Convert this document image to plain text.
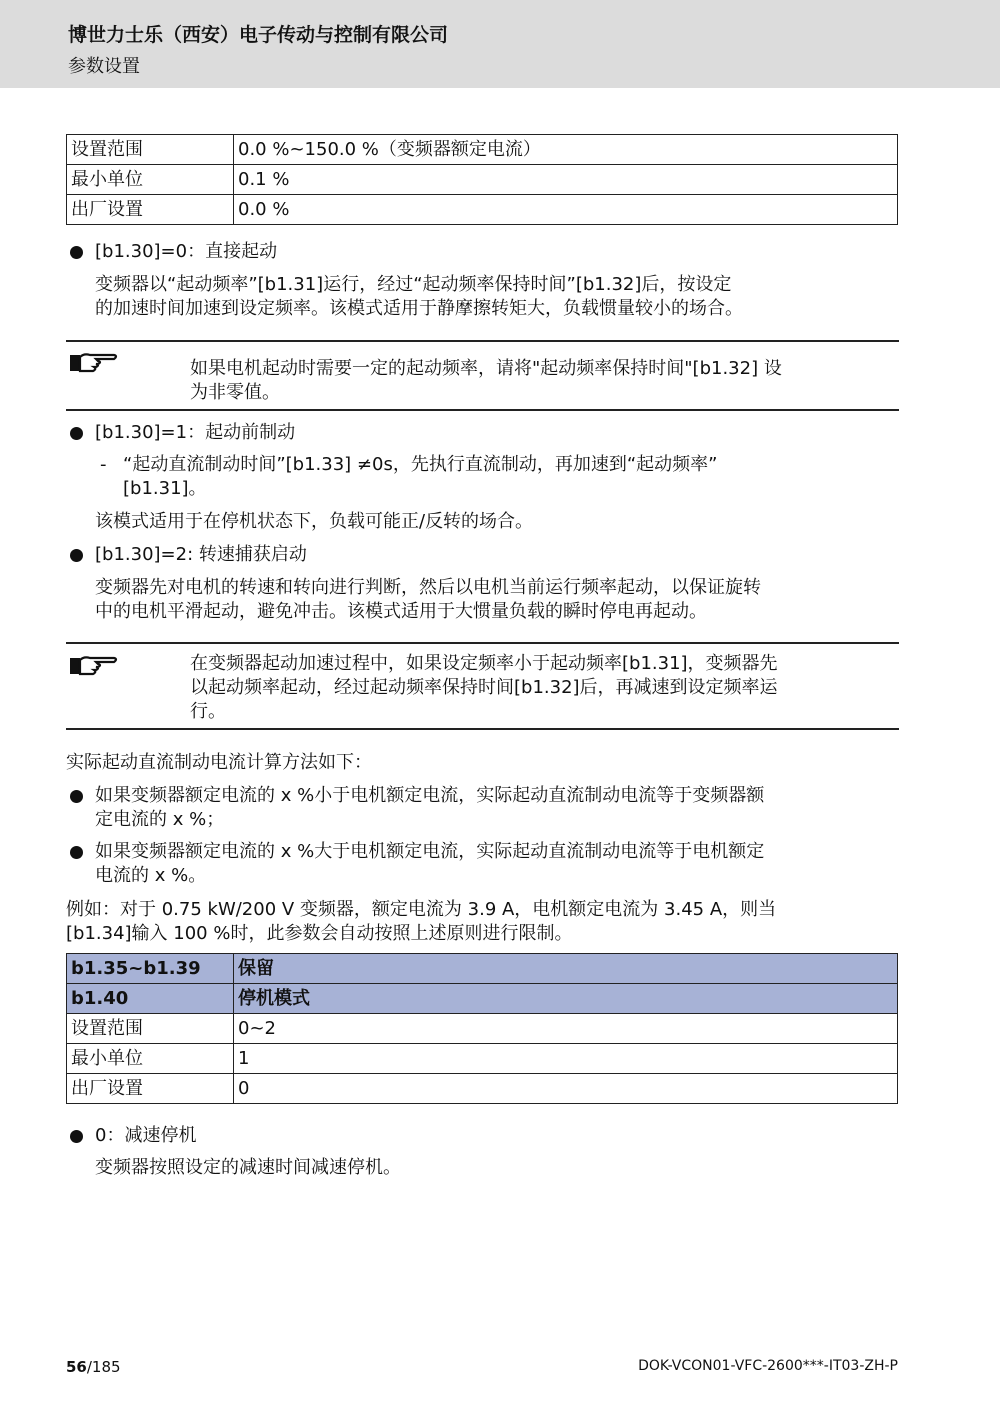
博世力士乐（西安）电子传动与控制有限公司
参数设置
设置范围	0.0 %~150.0 %（变频器额定电流）
最小单位	0.1 %
出厂设置	0.0 %
[b1.30]=0：直接起动
变频器以“起动频率”[b1.31]运行，经过“起动频率保持时间”[b1.32]后，按设定
的加速时间加速到设定频率。该模式适用于静摩擦转矩大，负载惯量较小的场合。
如果电机起动时需要一定的起动频率，请将"起动频率保持时间"[b1.32] 设
为非零值。
[b1.30]=1：起动前制动
- “起动直流制动时间”[b1.33] ≠0s，先执行直流制动，再加速到“起动频率”
[b1.31]。
该模式适用于在停机状态下，负载可能正/反转的场合。
[b1.30]=2: 转速捕获启动
变频器先对电机的转速和转向进行判断，然后以电机当前运行频率起动，以保证旋转
中的电机平滑起动，避免冲击。该模式适用于大惯量负载的瞬时停电再起动。
在变频器起动加速过程中，如果设定频率小于起动频率[b1.31]，变频器先
以起动频率起动，经过起动频率保持时间[b1.32]后，再减速到设定频率运
行。
实际起动直流制动电流计算方法如下：
如果变频器额定电流的 x %小于电机额定电流，实际起动直流制动电流等于变频器额
定电流的 x %；
如果变频器额定电流的 x %大于电机额定电流，实际起动直流制动电流等于电机额定
电流的 x %。
例如：对于 0.75 kW/200 V 变频器，额定电流为 3.9 A，电机额定电流为 3.45 A，则当
[b1.34]输入 100 %时，此参数会自动按照上述原则进行限制。
b1.35~b1.39	保留
b1.40	停机模式
设置范围	0~2
最小单位	1
出厂设置	0
0：减速停机
变频器按照设定的减速时间减速停机。
56/185	DOK-VCON01-VFC-2600***-IT03-ZH-P
